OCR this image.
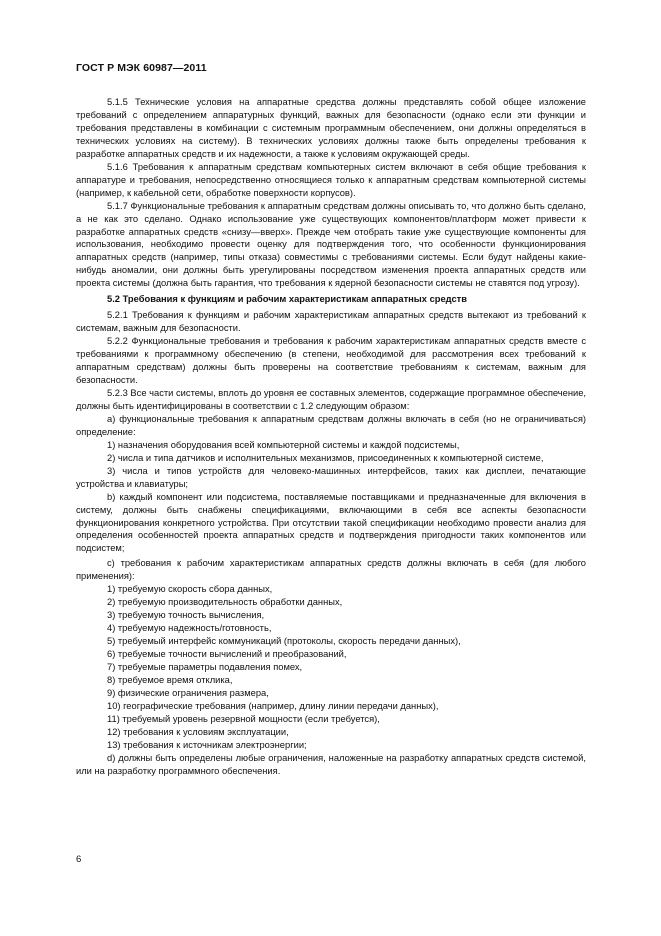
ГОСТ Р МЭК 60987—2011

5.1.5 Технические условия на аппаратные средства должны представлять собой общее изложение требований с определением аппаратурных функций, важных для безопасности (однако если эти функции и требования представлены в комбинации с системным программным обеспечением, они должны определяться в технических условиях на систему). В технических условиях должны также быть определены требования к разработке аппаратных средств и их надежности, а также к условиям окружающей среды.

5.1.6 Требования к аппаратным средствам компьютерных систем включают в себя общие требования к аппаратуре и требования, непосредственно относящиеся только к аппаратным средствам компьютерной системы (например, к кабельной сети, обработке поверхности корпусов).

5.1.7 Функциональные требования к аппаратным средствам должны описывать то, что должно быть сделано, а не как это сделано. Однако использование уже существующих компонентов/платформ может привести к разработке аппаратных средств «снизу—вверх». Прежде чем отобрать такие уже существующие компоненты для использования, необходимо провести оценку для подтверждения того, что особенности функционирования аппаратных средств (например, типы отказа) совместимы с требованиями системы. Если будут найдены какие-нибудь аномалии, они должны быть урегулированы посредством изменения проекта аппаратных средств или проекта системы (должна быть гарантия, что требования к ядерной безопасности системы не ставятся под угрозу).

5.2 Требования к функциям и рабочим характеристикам аппаратных средств

5.2.1 Требования к функциям и рабочим характеристикам аппаратных средств вытекают из требований к системам, важным для безопасности.

5.2.2 Функциональные требования и требования к рабочим характеристикам аппаратных средств вместе с требованиями к программному обеспечению (в степени, необходимой для рассмотрения всех требований к аппаратным средствам) должны быть проверены на соответствие требованиям к системам, важным для безопасности.

5.2.3 Все части системы, вплоть до уровня ее составных элементов, содержащие программное обеспечение, должны быть идентифицированы в соответствии с 1.2 следующим образом:

а) функциональные требования к аппаратным средствам должны включать в себя (но не ограничиваться) определение:

1) назначения оборудования всей компьютерной системы и каждой подсистемы,

2) числа и типа датчиков и исполнительных механизмов, присоединенных к компьютерной системе,

3) числа и типов устройств для человеко-машинных интерфейсов, таких как дисплеи, печатающие устройства и клавиатуры;

b) каждый компонент или подсистема, поставляемые поставщиками и предназначенные для включения в систему, должны быть снабжены спецификациями, включающими в себя все аспекты безопасности функционирования конкретного устройства. При отсутствии такой спецификации необходимо провести анализ для определения особенностей проекта аппаратных средств и подтверждения пригодности таких компонентов или подсистем;

c) требования к рабочим характеристикам аппаратных средств должны включать в себя (для любого применения):

1) требуемую скорость сбора данных,

2) требуемую производительность обработки данных,

3) требуемую точность вычисления,

4) требуемую надежность/готовность,

5) требуемый интерфейс коммуникаций (протоколы, скорость передачи данных),

6) требуемые точности вычислений и преобразований,

7) требуемые параметры подавления помех,

8) требуемое время отклика,

9) физические ограничения размера,

10) географические требования (например, длину линии передачи данных),

11) требуемый уровень резервной мощности (если требуется),

12) требования к условиям эксплуатации,

13) требования к источникам электроэнергии;

d) должны быть определены любые ограничения, наложенные на разработку аппаратных средств системой, или на разработку программного обеспечения.

6
